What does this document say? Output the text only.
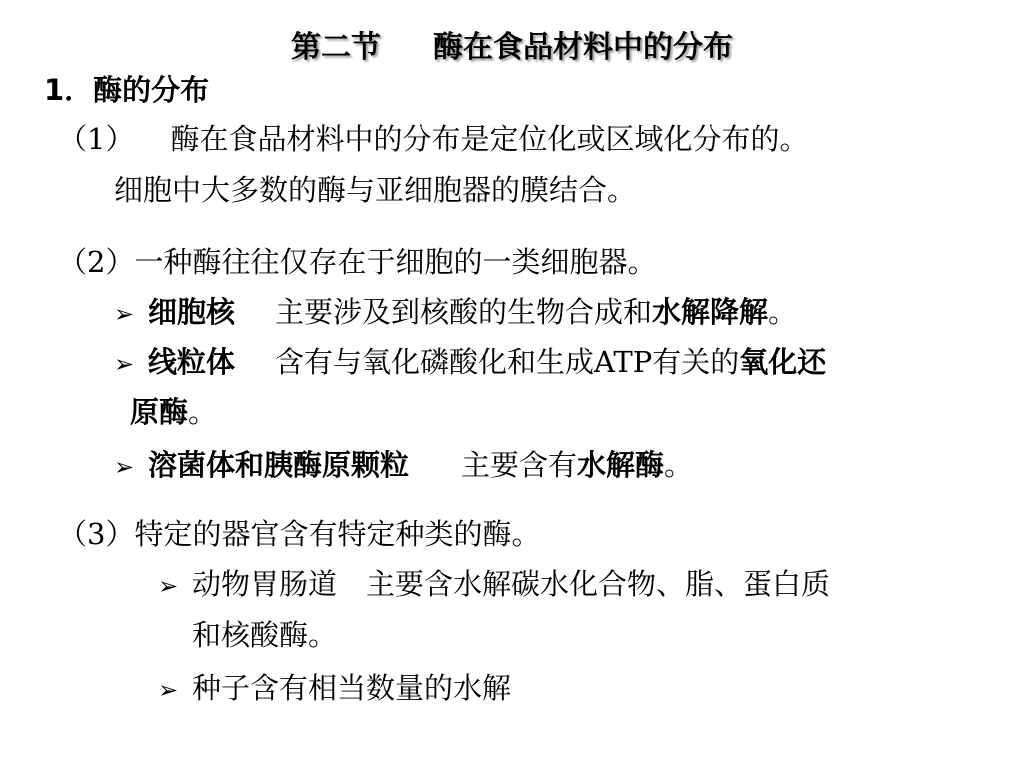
第二节 酶在食品材料中的分布
1．酶的分布
（1） 酶在食品材料中的分布是定位化或区域化分布的。
细胞中大多数的酶与亚细胞器的膜结合。
（2）一种酶往往仅存在于细胞的一类细胞器。
➢ 细胞核 主要涉及到核酸的生物合成和水解降解。
➢ 线粒体 含有与氧化磷酸化和生成ATP有关的氧化还
原酶。
➢ 溶菌体和胰酶原颗粒 主要含有水解酶。
（3）特定的器官含有特定种类的酶。
➢ 动物胃肠道　主要含水解碳水化合物、脂、蛋白质
和核酸酶。
➢ 种子含有相当数量的水解
